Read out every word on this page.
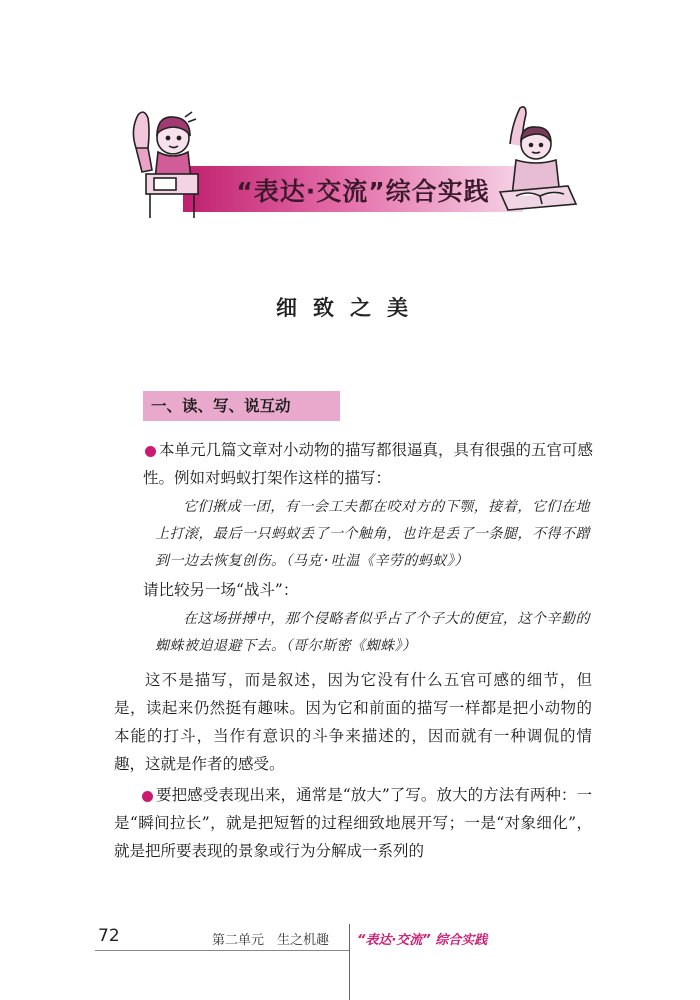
“表达·交流”综合实践
细致之美
一、读、写、说互动
本单元几篇文章对小动物的描写都很逼真，具有很强的五官可感性。例如对蚂蚁打架作这样的描写：
它们揪成一团，有一会工夫都在咬对方的下颚，接着，它们在地上打滚，最后一只蚂蚁丢了一个触角，也许是丢了一条腿，不得不蹭到一边去恢复创伤。（马克·吐温《辛劳的蚂蚁》）
请比较另一场“战斗”：
在这场拼搏中，那个侵略者似乎占了个子大的便宜，这个辛勤的蜘蛛被迫退避下去。（哥尔斯密《蜘蛛》）
这不是描写，而是叙述，因为它没有什么五官可感的细节，但是，读起来仍然挺有趣味。因为它和前面的描写一样都是把小动物的本能的打斗，当作有意识的斗争来描述的，因而就有一种调侃的情趣，这就是作者的感受。
要把感受表现出来，通常是“放大”了写。放大的方法有两种：一是“瞬间拉长”，就是把短暂的过程细致地展开写；一是“对象细化”，就是把所要表现的景象或行为分解成一系列的
72	第二单元　生之机趣 “表达·交流” 综合实践
